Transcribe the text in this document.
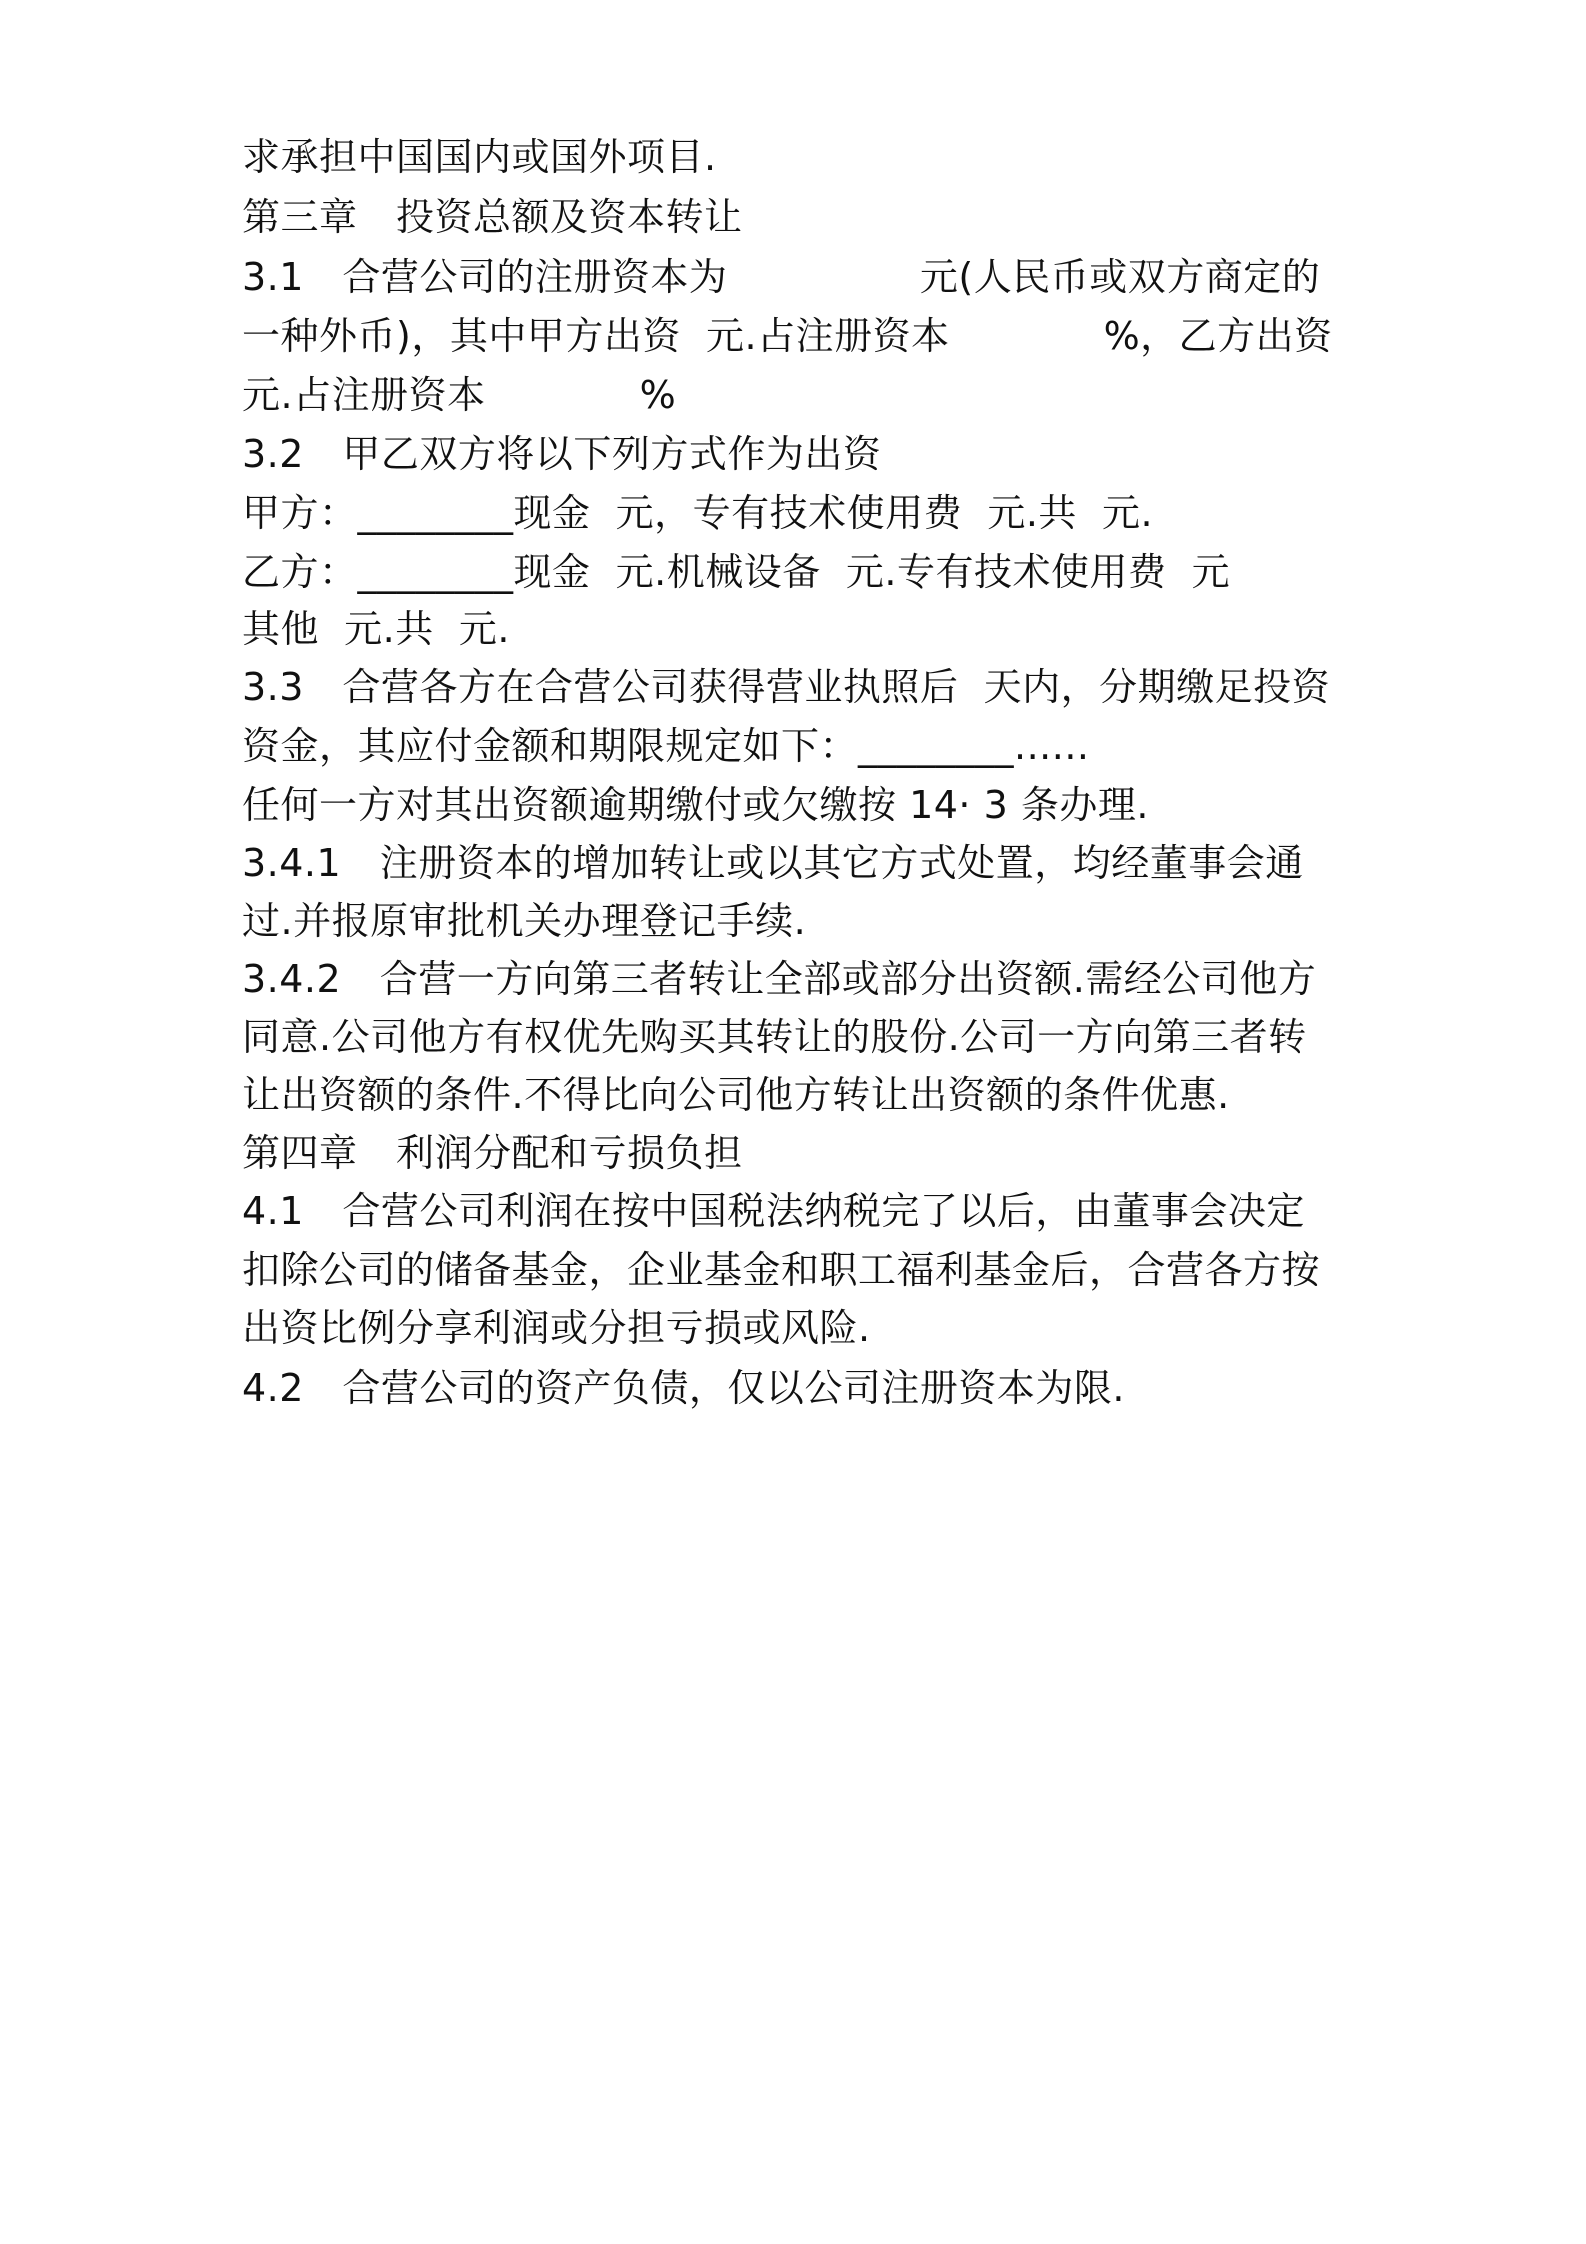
求承担中国国内或国外项目.

第三章　投资总额及资本转让

3.1　合营公司的注册资本为　　　　　元(人民币或双方商定的

一种外币)，其中甲方出资  元.占注册资本　　　　%，乙方出资

元.占注册资本　　　　%

3.2　甲乙双方将以下列方式作为出资

甲方：________现金  元，专有技术使用费  元.共  元.

乙方：________现金  元.机械设备  元.专有技术使用费  元

其他  元.共  元.

3.3　合营各方在合营公司获得营业执照后  天内，分期缴足投资

资金，其应付金额和期限规定如下：________......

任何一方对其出资额逾期缴付或欠缴按 14· 3 条办理.

3.4.1　注册资本的增加转让或以其它方式处置，均经董事会通

过.并报原审批机关办理登记手续.

3.4.2　合营一方向第三者转让全部或部分出资额.需经公司他方

同意.公司他方有权优先购买其转让的股份.公司一方向第三者转

让出资额的条件.不得比向公司他方转让出资额的条件优惠.

第四章　利润分配和亏损负担

4.1　合营公司利润在按中国税法纳税完了以后，由董事会决定

扣除公司的储备基金，企业基金和职工福利基金后，合营各方按

出资比例分享利润或分担亏损或风险.

4.2　合营公司的资产负债，仅以公司注册资本为限.
